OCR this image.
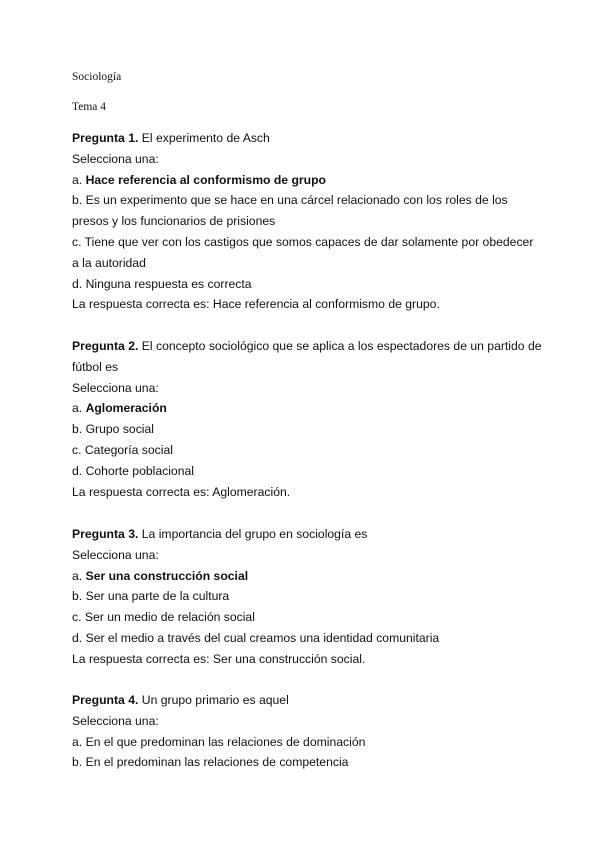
Sociología
Tema 4

Pregunta 1. El experimento de Asch

Selecciona una:

a. Hace referencia al conformismo de grupo

b. Es un experimento que se hace en una cárcel relacionado con los roles de los presos y los funcionarios de prisiones

c. Tiene que ver con los castigos que somos capaces de dar solamente por obedecer a la autoridad

d. Ninguna respuesta es correcta

La respuesta correcta es: Hace referencia al conformismo de grupo.

Pregunta 2. El concepto sociológico que se aplica a los espectadores de un partido de fútbol es

Selecciona una:

a. Aglomeración

b. Grupo social

c. Categoría social

d. Cohorte poblacional

La respuesta correcta es: Aglomeración.

Pregunta 3. La importancia del grupo en sociología es

Selecciona una:

a. Ser una construcción social

b. Ser una parte de la cultura

c. Ser un medio de relación social

d. Ser el medio a través del cual creamos una identidad comunitaria

La respuesta correcta es: Ser una construcción social.

Pregunta 4. Un grupo primario es aquel

Selecciona una:

a. En el que predominan las relaciones de dominación

b. En el predominan las relaciones de competencia
